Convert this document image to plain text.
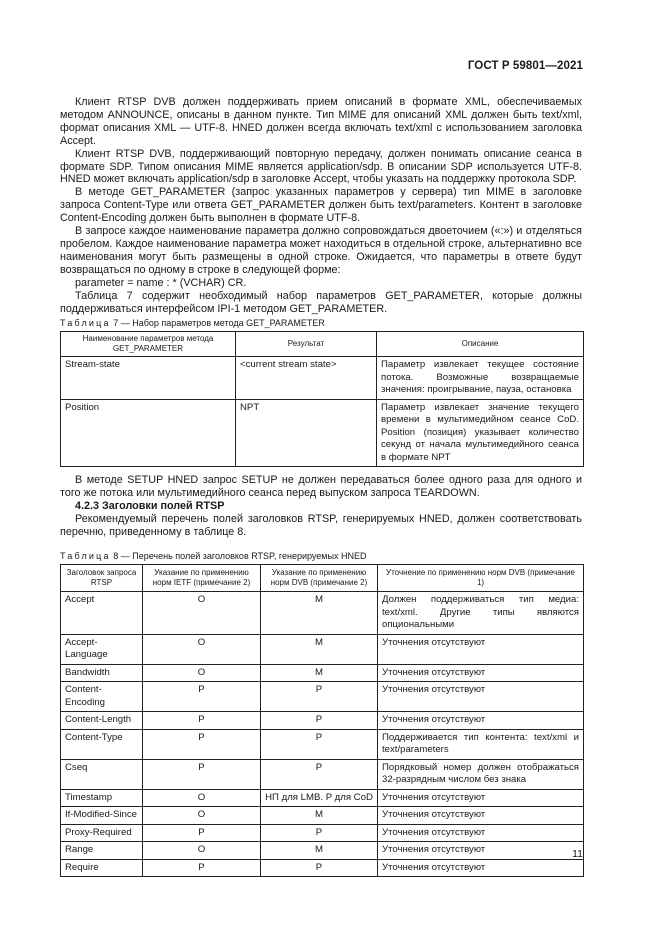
ГОСТ Р 59801—2021

Клиент RTSP DVB должен поддерживать прием описаний в формате XML, обеспечиваемых методом ANNOUNCE, описаны в данном пункте. Тип MIME для описаний XML должен быть text/xml, формат описания XML — UTF-8. HNED должен всегда включать text/xml с использованием заголовка Accept.

Клиент RTSP DVB, поддерживающий повторную передачу, должен понимать описание сеанса в формате SDP. Типом описания MIME является application/sdp. В описании SDP используется UTF-8. HNED может включать application/sdp в заголовке Accept, чтобы указать на поддержку протокола SDP.

В методе GET_PARAMETER (запрос указанных параметров у сервера) тип MIME в заголовке запроса Content-Type или ответа GET_PARAMETER должен быть text/parameters. Контент в заголовке Content-Encoding должен быть выполнен в формате UTF-8.

В запросе каждое наименование параметра должно сопровождаться двоеточием («:») и отделяться пробелом. Каждое наименование параметра может находиться в отдельной строке, альтернативно все наименования могут быть размещены в одной строке. Ожидается, что параметры в ответе будут возвращаться по одному в строке в следующей форме:

parameter = name : * (VCHAR) CR.

Таблица 7 содержит необходимый набор параметров GET_PARAMETER, которые должны поддерживаться интерфейсом IPI-1 методом GET_PARAMETER.

Таблица 7 — Набор параметров метода GET_PARAMETER
Наименование параметров метода GET_PARAMETER	Результат	Описание
Stream-state	<current stream state>	Параметр извлекает текущее состояние потока. Возможные возвращаемые значения: проигрывание, пауза, остановка
Position	NPT	Параметр извлекает значение текущего времени в мультимедийном сеансе CoD. Position (позиция) указывает количество секунд от начала мультимедийного сеанса в формате NPT

В методе SETUP HNED запрос SETUP не должен передаваться более одного раза для одного и того же потока или мультимедийного сеанса перед выпуском запроса TEARDOWN.

4.2.3 Заголовки полей RTSP

Рекомендуемый перечень полей заголовков RTSP, генерируемых HNED, должен соответствовать перечню, приведенному в таблице 8.

Таблица 8 — Перечень полей заголовков RTSP, генерируемых HNED
Заголовок запроса RTSP	Указание по применению норм IETF (примечание 2)	Указание по применению норм DVB (примечание 2)	Уточнение по применению норм DVB (примечание 1)
Accept	O	M	Должен поддерживаться тип медиа: text/xml. Другие типы являются опциональными
Accept-Language	O	M	Уточнения отсутствуют
Bandwidth	O	M	Уточнения отсутствуют
Content-Encoding	P	P	Уточнения отсутствуют
Content-Length	P	P	Уточнения отсутствуют
Content-Type	P	P	Поддерживается тип контента: text/xml и text/parameters
Cseq	P	P	Порядковый номер должен отображаться 32-разрядным числом без знака
Timestamp	O	НП для LMB. P для CoD	Уточнения отсутствуют
If-Modified-Since	O	M	Уточнения отсутствуют
Proxy-Required	P	P	Уточнения отсутствуют
Range	O	M	Уточнения отсутствуют
Require	P	P	Уточнения отсутствуют
11
